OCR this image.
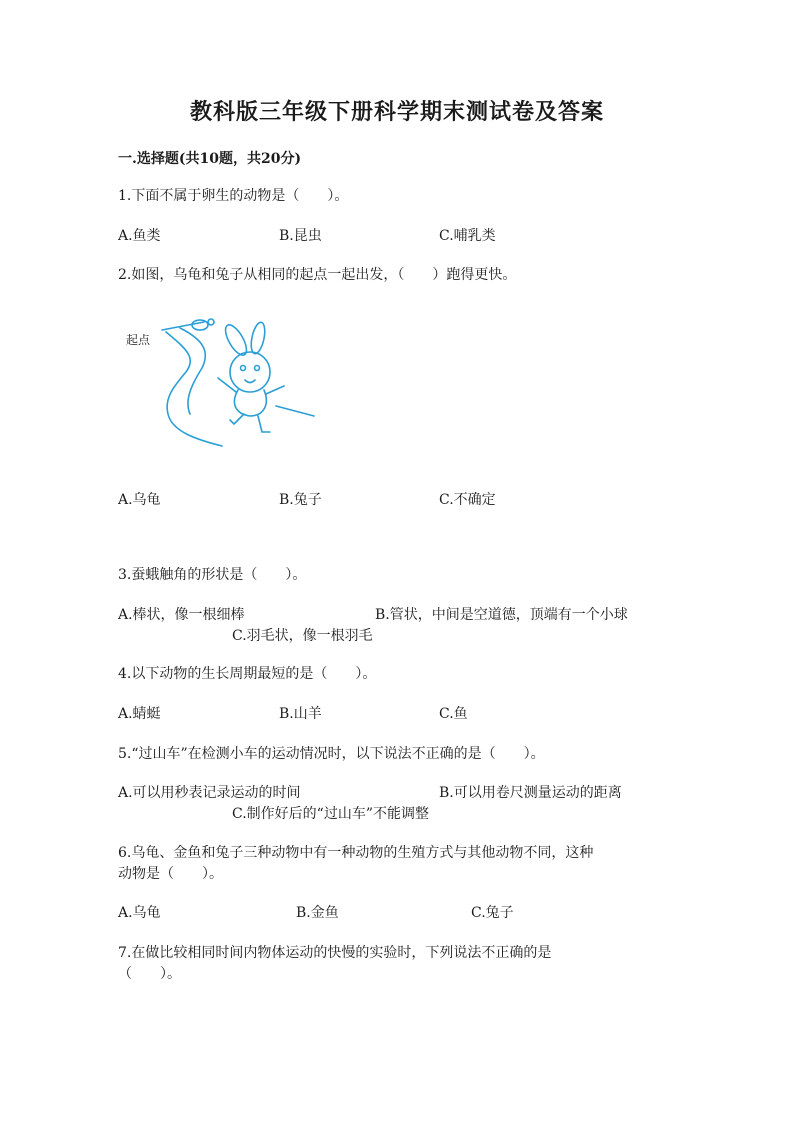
教科版三年级下册科学期末测试卷及答案
一.选择题(共10题，共20分)
1.下面不属于卵生的动物是（　　）。
A.鱼类	B.昆虫	C.哺乳类
2.如图，乌龟和兔子从相同的起点一起出发，（　　）跑得更快。
起点
A.乌龟	B.兔子	C.不确定
3.蚕蛾触角的形状是（　　）。
A.棒状，像一根细棒	B.管状，中间是空道德，顶端有一个小球
C.羽毛状，像一根羽毛
4.以下动物的生长周期最短的是（　　）。
A.蜻蜓	B.山羊	C.鱼
5.“过山车”在检测小车的运动情况时，以下说法不正确的是（　　）。
A.可以用秒表记录运动的时间	B.可以用卷尺测量运动的距离
C.制作好后的“过山车”不能调整
6.乌龟、金鱼和兔子三种动物中有一种动物的生殖方式与其他动物不同，这种
动物是（　　）。
A.乌龟	B.金鱼	C.兔子
7.在做比较相同时间内物体运动的快慢的实验时，下列说法不正确的是
（　　）。
